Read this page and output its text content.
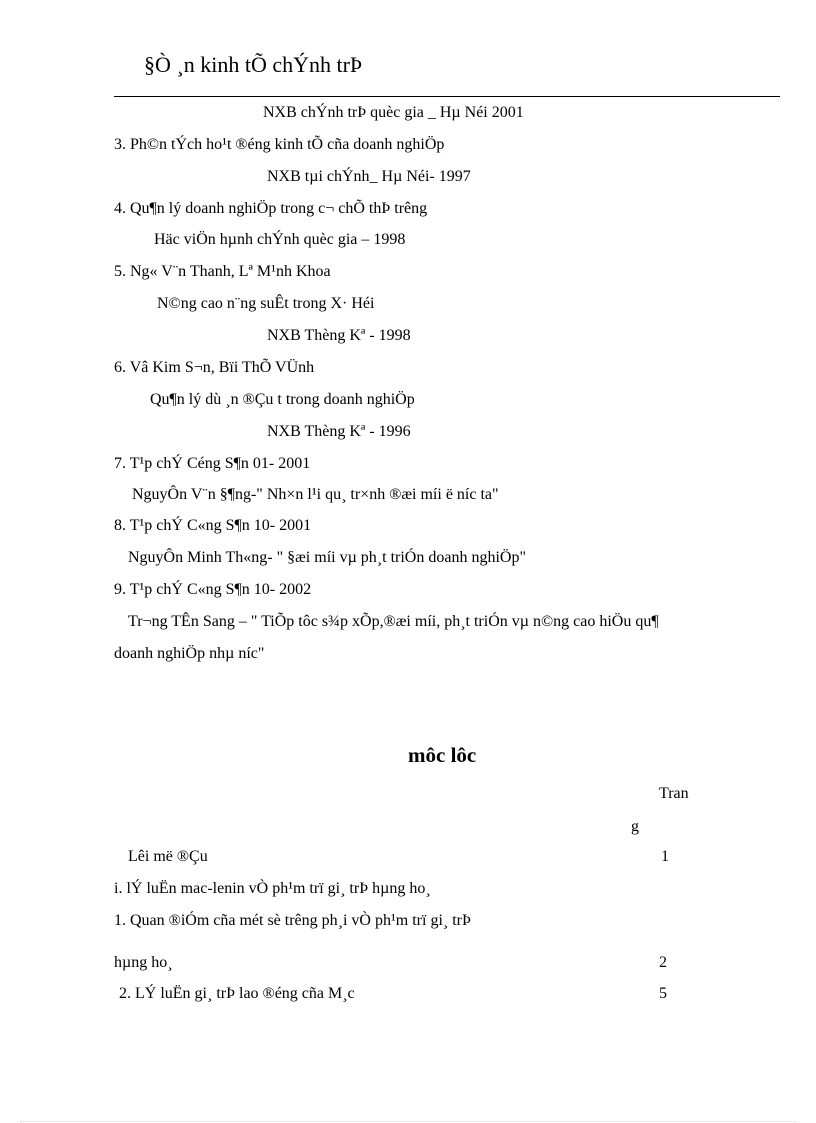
§Ò ¸n kinh tÕ chÝnh trÞ
NXB chÝnh trÞ quèc gia _ Hµ Néi 2001
3. Ph©n tÝch ho¹t ®éng kinh tÕ cña doanh nghiÖp
NXB tµi chÝnh_ Hµ Néi- 1997
4. Qu¶n lý doanh nghiÖp trong c¬ chÕ thÞ trêng
Häc viÖn hµnh chÝnh quèc gia – 1998
5. Ng« V¨n Thanh, Lª M¹nh Khoa
N©ng cao n¨ng suÊt trong X· Héi
NXB Thèng Kª - 1998
6. Vâ Kim S¬n, Bïi ThÕ VÜnh
Qu¶n lý dù ¸n ®Çu t trong doanh nghiÖp
NXB Thèng Kª - 1996
7. T¹p chÝ Céng S¶n 01- 2001
NguyÔn V¨n §¶ng-" Nh×n l¹i qu¸ tr×nh ®æi míi ë níc ta"
8. T¹p chÝ C«ng S¶n 10- 2001
NguyÔn Minh Th«ng- " §æi míi vµ ph¸t triÓn doanh nghiÖp"
9. T¹p chÝ C«ng S¶n 10- 2002
Tr¬ng TÊn Sang – " TiÕp tôc s¾p xÕp,®æi míi, ph¸t triÓn vµ n©ng cao hiÖu qu¶
doanh nghiÖp nhµ níc"
môc lôc
Tran
g
Lêi më ®Çu	1
i. lÝ luËn mac-lenin vÒ ph¹m trï gi¸ trÞ hµng ho¸
1. Quan ®iÓm cña mét sè trêng ph¸i vÒ ph¹m trï gi¸ trÞ
hµng ho¸	2
2. LÝ luËn gi¸ trÞ lao ®éng cña M¸c	5
